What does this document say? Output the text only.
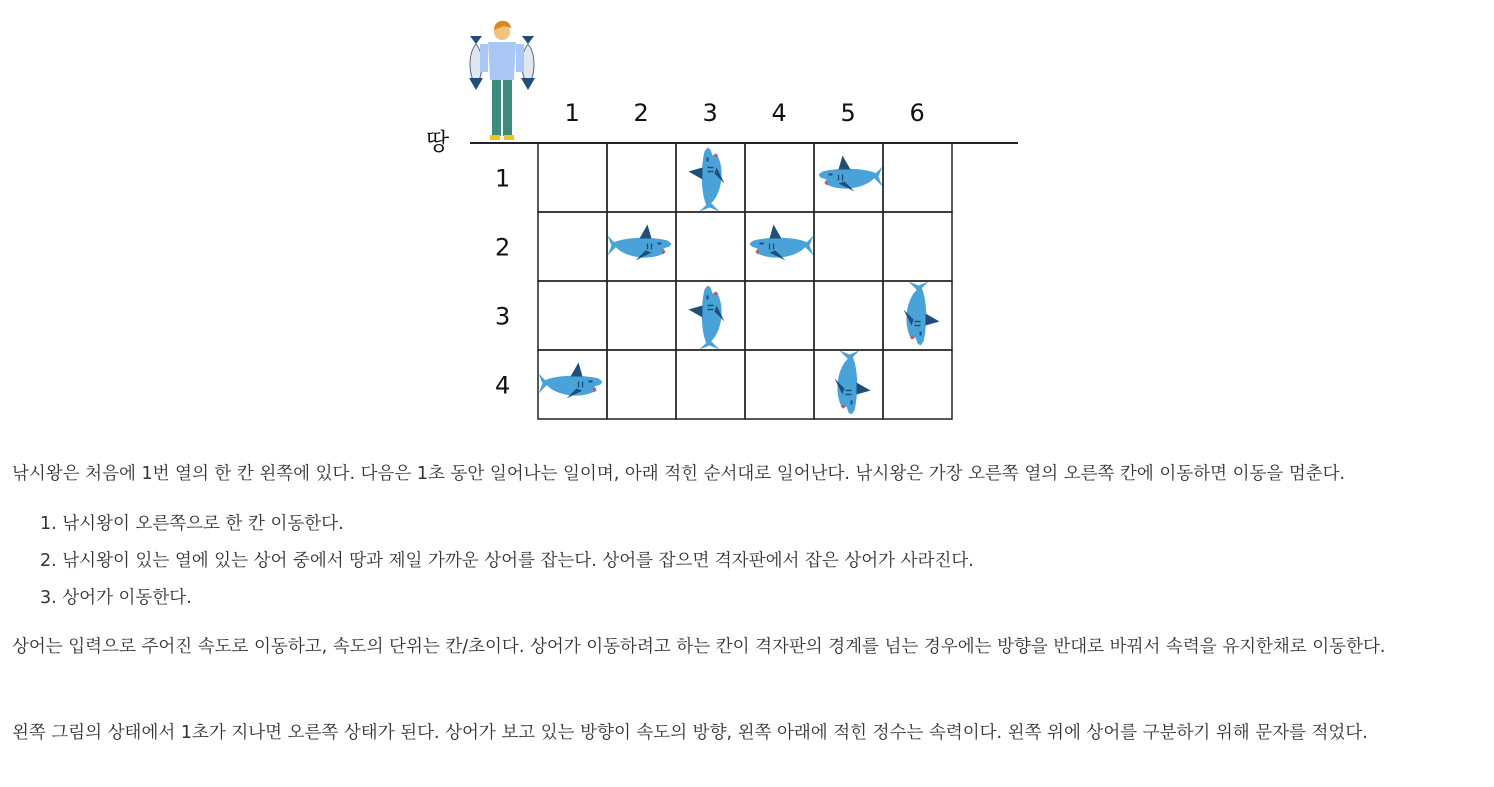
땅
1 2 3 4 5 6
1
2
3
4

낚시왕은 처음에 1번 열의 한 칸 왼쪽에 있다. 다음은 1초 동안 일어나는 일이며, 아래 적힌 순서대로 일어난다. 낚시왕은 가장 오른쪽 열의 오른쪽 칸에 이동하면 이동을 멈춘다.

1. 낚시왕이 오른쪽으로 한 칸 이동한다.
2. 낚시왕이 있는 열에 있는 상어 중에서 땅과 제일 가까운 상어를 잡는다. 상어를 잡으면 격자판에서 잡은 상어가 사라진다.
3. 상어가 이동한다.

상어는 입력으로 주어진 속도로 이동하고, 속도의 단위는 칸/초이다. 상어가 이동하려고 하는 칸이 격자판의 경계를 넘는 경우에는 방향을 반대로 바꿔서 속력을 유지한채로 이동한다.

왼쪽 그림의 상태에서 1초가 지나면 오른쪽 상태가 된다. 상어가 보고 있는 방향이 속도의 방향, 왼쪽 아래에 적힌 정수는 속력이다. 왼쪽 위에 상어를 구분하기 위해 문자를 적었다.
